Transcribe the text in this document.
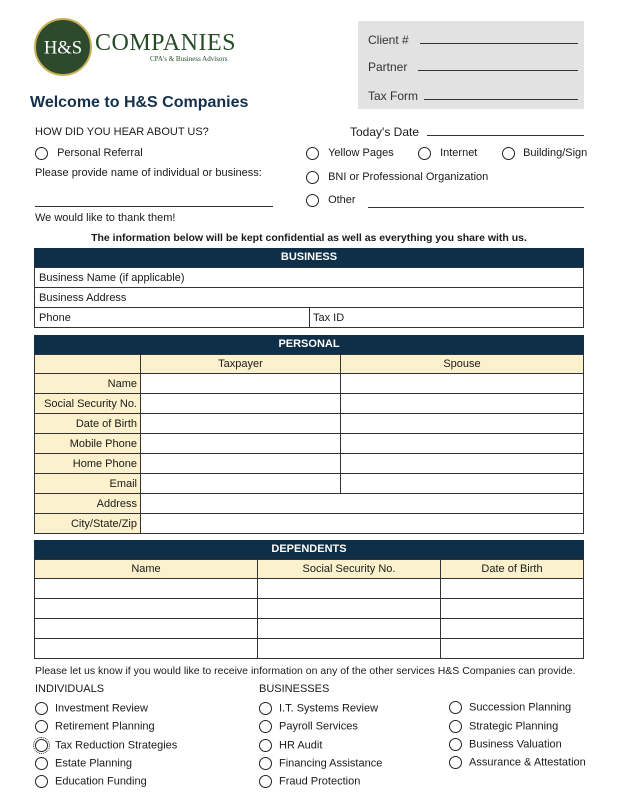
H&S COMPANIES
CPA's & Business Advisors
Welcome to H&S Companies
Client #
Partner
Tax Form
HOW DID YOU HEAR ABOUT US?	Today's Date
Personal Referral
Please provide name of individual or business:
We would like to thank them!
Yellow Pages	Internet	Building/Sign
BNI or Professional Organization
Other
The information below will be kept confidential as well as everything you share with us.
BUSINESS
Business Name (if applicable)
Business Address
Phone	Tax ID
PERSONAL
	Taxpayer	Spouse
Name		
Social Security No.		
Date of Birth		
Mobile Phone		
Home Phone		
Email		
Address		
City/State/Zip		
DEPENDENTS
Name	Social Security No.	Date of Birth

Please let us know if you would like to receive information on any of the other services H&S Companies can provide.
INDIVIDUALS	BUSINESSES
Investment Review
Retirement Planning
Tax Reduction Strategies
Estate Planning
Education Funding
I.T. Systems Review
Payroll Services
HR Audit
Financing Assistance
Fraud Protection
Succession Planning
Strategic Planning
Business Valuation
Assurance & Attestation
